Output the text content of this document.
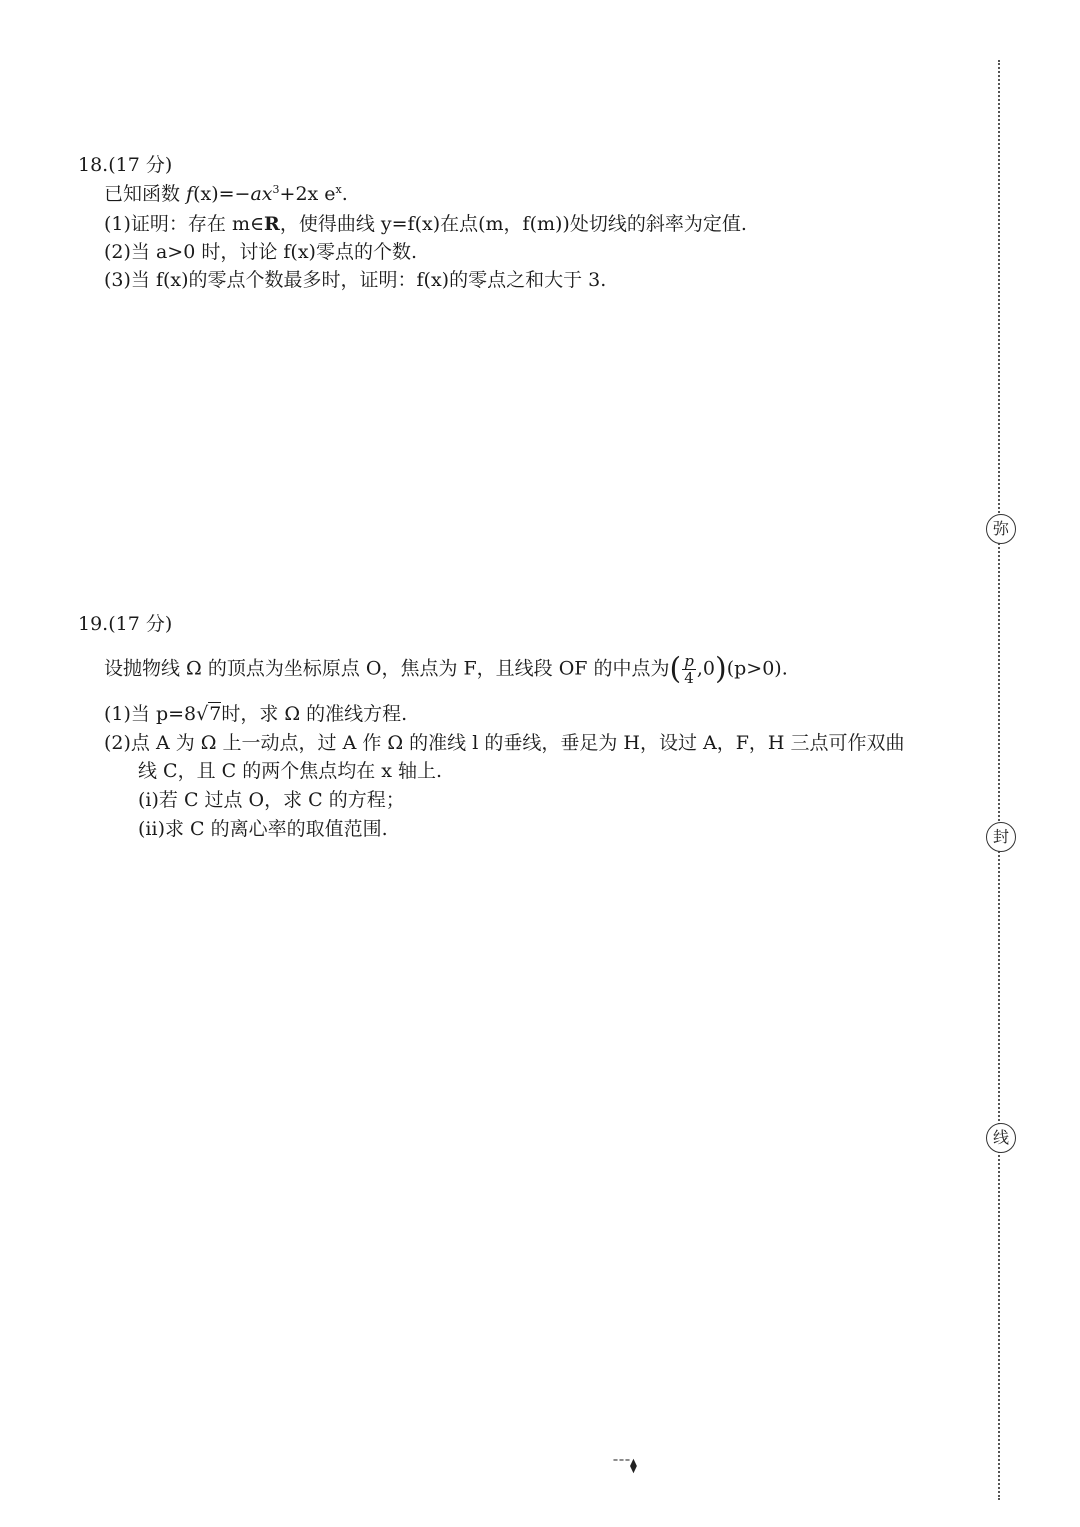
18.(17 分)
已知函数 $f(x)=-ax^3+2x$ $e^x$.
(1)证明：存在 m∈R，使得曲线 y=f(x)在点(m，f(m))处切线的斜率为定值.
(2)当 a>0 时，讨论 f(x)零点的个数.
(3)当 f(x)的零点个数最多时，证明：f(x)的零点之和大于 3.
19.(17 分)
设抛物线 Ω 的顶点为坐标原点 O，焦点为 F，且线段 OF 的中点为( $\frac{p}{4} ,0)(p>0)$.
(1)当 p=8√7时，求 Ω 的准线方程.
(2)点 A 为 Ω 上一动点，过 A 作 Ω 的准线 l 的垂线，垂足为 H，设过 A，F，H 三点可作双曲
线 C，且 C 的两个焦点均在 x 轴上.
(ⅰ)若 C 过点 O，求 C 的方程；
(ⅱ)求 C 的离心率的取值范围.
弥
封
线
ˉˉˉ⧫
